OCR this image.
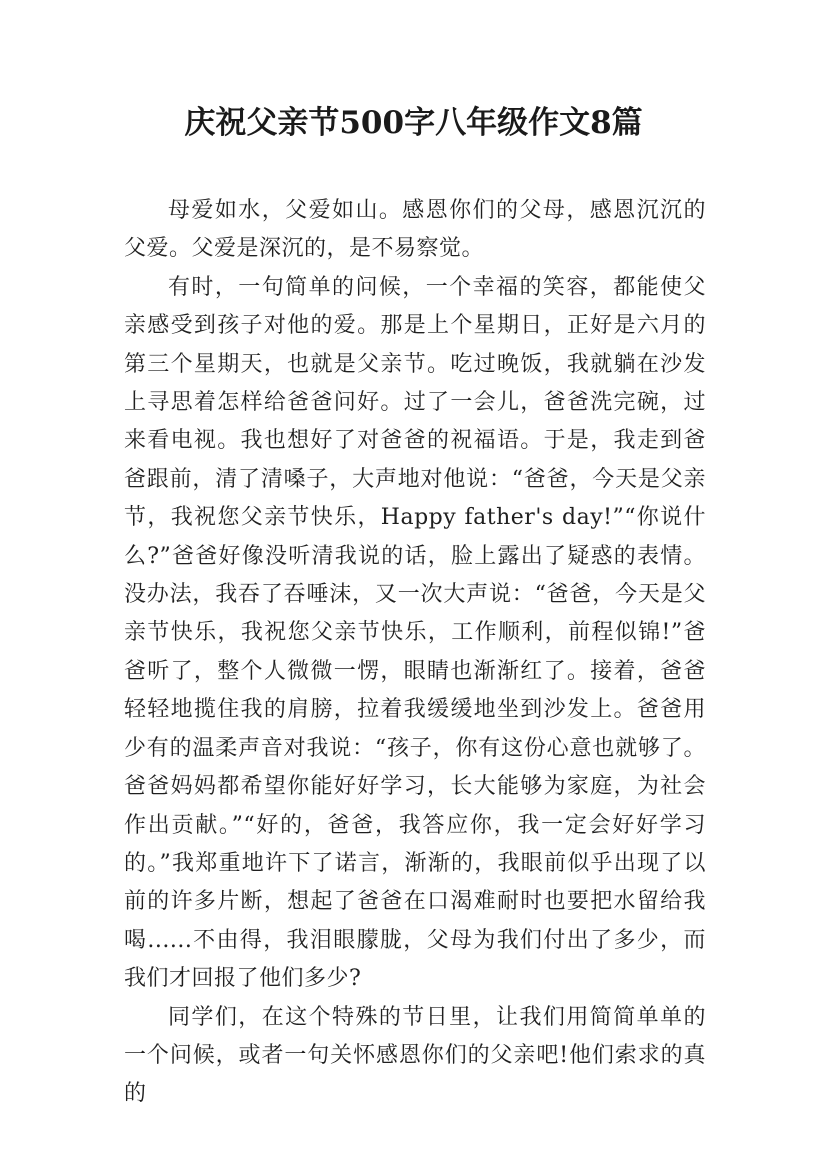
庆祝父亲节500字八年级作文8篇

母爱如水，父爱如山。感恩你们的父母，感恩沉沉的父爱。父爱是深沉的，是不易察觉。

有时，一句简单的问候，一个幸福的笑容，都能使父亲感受到孩子对他的爱。那是上个星期日，正好是六月的第三个星期天，也就是父亲节。吃过晚饭，我就躺在沙发上寻思着怎样给爸爸问好。过了一会儿，爸爸洗完碗，过来看电视。我也想好了对爸爸的祝福语。于是，我走到爸爸跟前，清了清嗓子，大声地对他说：“爸爸，今天是父亲节，我祝您父亲节快乐，Happy father's day!”“你说什么?”爸爸好像没听清我说的话，脸上露出了疑惑的表情。没办法，我吞了吞唾沫，又一次大声说：“爸爸，今天是父亲节快乐，我祝您父亲节快乐，工作顺利，前程似锦!”爸爸听了，整个人微微一愣，眼睛也渐渐红了。接着，爸爸轻轻地揽住我的肩膀，拉着我缓缓地坐到沙发上。爸爸用少有的温柔声音对我说：“孩子，你有这份心意也就够了。爸爸妈妈都希望你能好好学习，长大能够为家庭，为社会作出贡献。”“好的，爸爸，我答应你，我一定会好好学习的。”我郑重地许下了诺言，渐渐的，我眼前似乎出现了以前的许多片断，想起了爸爸在口渴难耐时也要把水留给我喝......不由得，我泪眼朦胧，父母为我们付出了多少，而我们才回报了他们多少?

同学们，在这个特殊的节日里，让我们用简简单单的一个问候，或者一句关怀感恩你们的父亲吧!他们索求的真的
